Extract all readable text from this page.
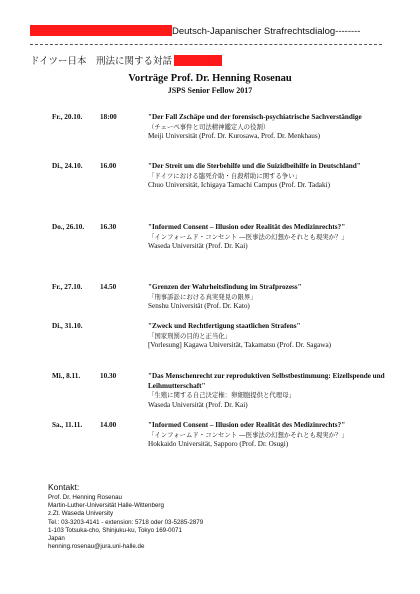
Deutsch-Japanischer Strafrechtsdialog--------
ドイツー日本　刑法に関する対話
Vorträge Prof. Dr. Henning Rosenau
JSPS Senior Fellow 2017
Fr., 20.10. 18:00	"Der Fall Zschäpe und der forensisch-psychiatrische Sachverständige
（チェーぺ事件と司法精神鑑定人の役割）
Meiji Universität (Prof. Dr. Kurosawa, Prof. Dr. Menkhaus)
Di., 24.10. 16.00	"Der Streit um die Sterbehilfe und die Suizidbeihilfe in Deutschland"
「ドイツにおける臨死介助・自殺幇助に関する争い」
Chuo Universität, Ichigaya Tamachi Campus (Prof. Dr. Tadaki)
Do., 26.10. 16.30	"Informed Consent – Illusion oder Realität des Medizinrechts?"
「インフォームド・コンセント ―医事法の幻想かそれとも現実か？」
Waseda Universität (Prof. Dr. Kai)
Fr., 27.10. 14.50	"Grenzen der Wahrheitsfindung im Strafprozess"
「刑事訴訟における真実発見の限界」
Senshu Universität (Prof. Dr. Kato)
Di., 31.10.	"Zweck und Rechtfertigung staatlichen Strafens"
「国家刑罰の目的と正当化」
[Vorlesung] Kagawa Universität, Takamatsu (Prof. Dr. Sagawa)
Mi., 8.11.	10.30	"Das Menschenrecht zur reproduktiven Selbstbestimmung: Eizellspende und Leihmutterschaft"
「生殖に関する自己決定権：卵細胞提供と代理母」
Waseda Universität (Prof. Dr. Kai)
Sa., 11.11. 14.00	"Informed Consent – Illusion oder Realität des Medizinrechts?"
「インフォームド・コンセント ―医事法の幻想かそれとも現実か？」
Hokkaido Universität, Sapporo (Prof. Dr. Osugi)
Kontakt:
Prof. Dr. Henning Rosenau
Martin-Luther-Universität Halle-Wittenberg
z.Zt. Waseda University
Tel.: 03-3203-4141 - extension: 5718 oder 03-5285-2879
1-103 Totsuka-cho, Shinjuku-ku, Tokyo 169-0071
Japan
henning.rosenau@jura.uni-halle.de
